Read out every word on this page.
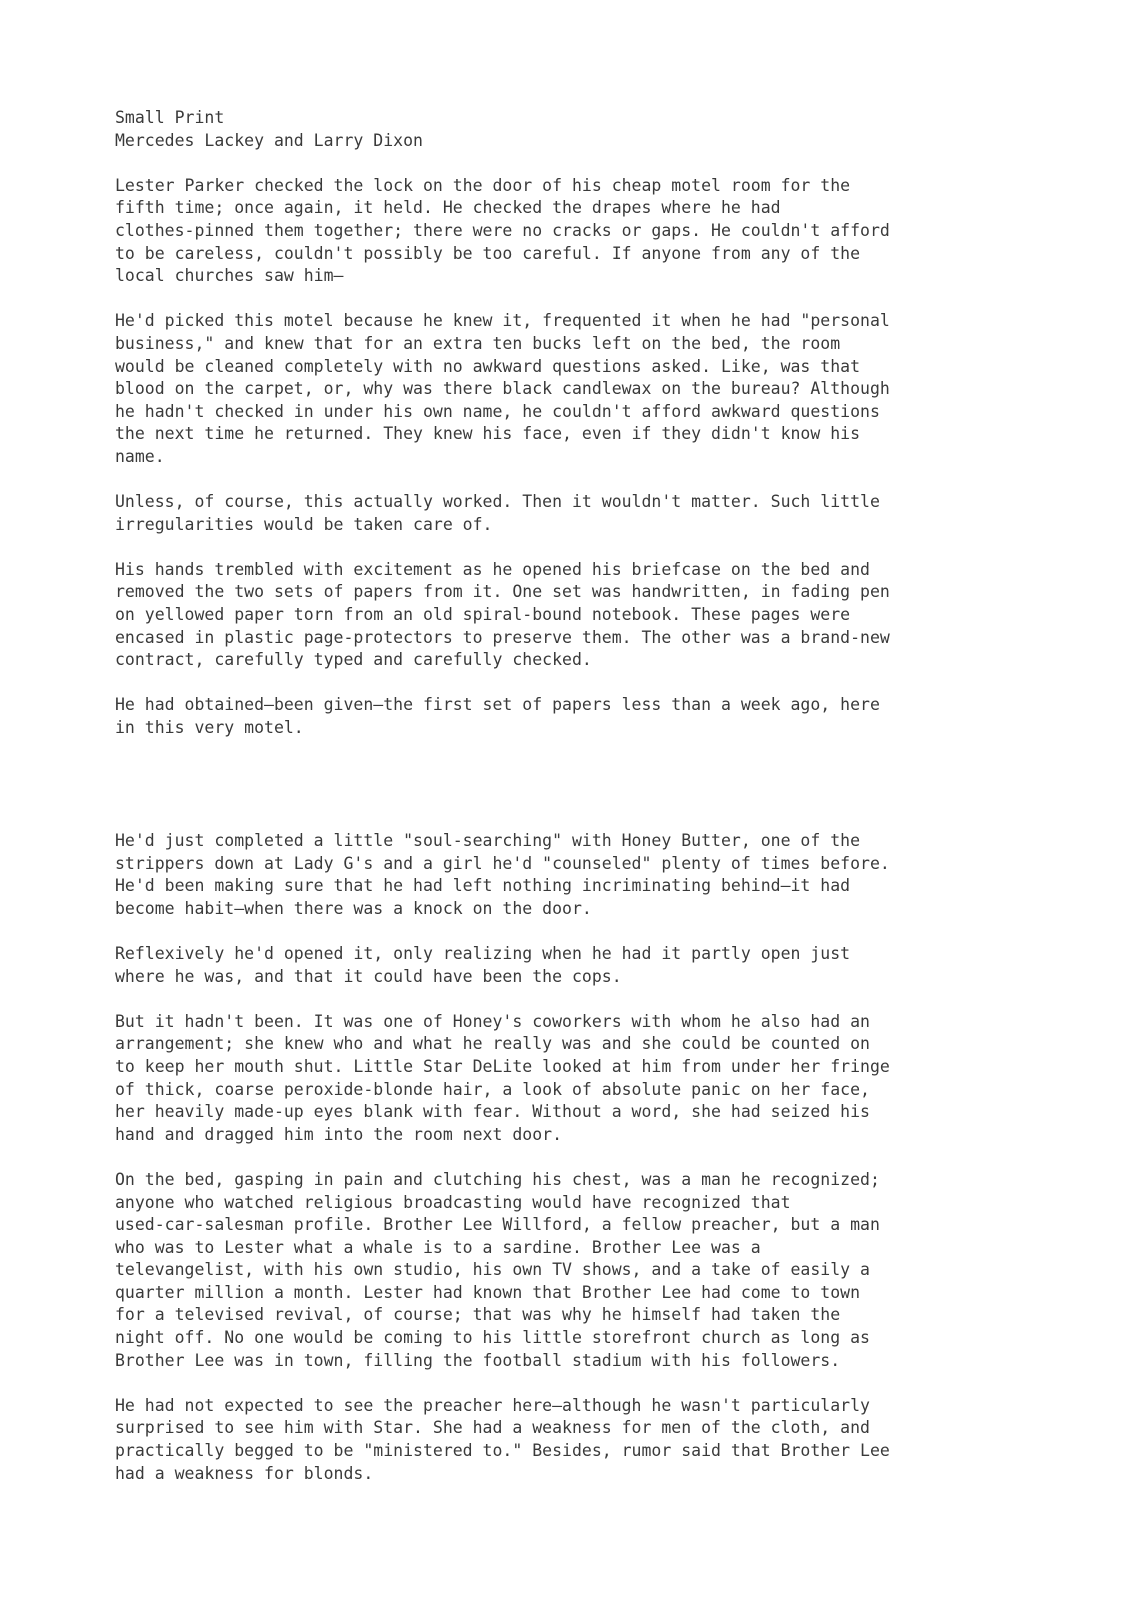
Small Print
Mercedes Lackey and Larry Dixon
Lester Parker checked the lock on the door of his cheap motel room for the
fifth time; once again, it held. He checked the drapes where he had
clothes-pinned them together; there were no cracks or gaps. He couldn't afford
to be careless, couldn't possibly be too careful. If anyone from any of the
local churches saw him—
He'd picked this motel because he knew it, frequented it when he had "personal
business," and knew that for an extra ten bucks left on the bed, the room
would be cleaned completely with no awkward questions asked. Like, was that
blood on the carpet, or, why was there black candlewax on the bureau? Although
he hadn't checked in under his own name, he couldn't afford awkward questions
the next time he returned. They knew his face, even if they didn't know his
name.
Unless, of course, this actually worked. Then it wouldn't matter. Such little
irregularities would be taken care of.
His hands trembled with excitement as he opened his briefcase on the bed and
removed the two sets of papers from it. One set was handwritten, in fading pen
on yellowed paper torn from an old spiral-bound notebook. These pages were
encased in plastic page-protectors to preserve them. The other was a brand-new
contract, carefully typed and carefully checked.
He had obtained—been given—the first set of papers less than a week ago, here
in this very motel.
He'd just completed a little "soul-searching" with Honey Butter, one of the
strippers down at Lady G's and a girl he'd "counseled" plenty of times before.
He'd been making sure that he had left nothing incriminating behind—it had
become habit—when there was a knock on the door.
Reflexively he'd opened it, only realizing when he had it partly open just
where he was, and that it could have been the cops.
But it hadn't been. It was one of Honey's coworkers with whom he also had an
arrangement; she knew who and what he really was and she could be counted on
to keep her mouth shut. Little Star DeLite looked at him from under her fringe
of thick, coarse peroxide-blonde hair, a look of absolute panic on her face,
her heavily made-up eyes blank with fear. Without a word, she had seized his
hand and dragged him into the room next door.
On the bed, gasping in pain and clutching his chest, was a man he recognized;
anyone who watched religious broadcasting would have recognized that
used-car-salesman profile. Brother Lee Willford, a fellow preacher, but a man
who was to Lester what a whale is to a sardine. Brother Lee was a
televangelist, with his own studio, his own TV shows, and a take of easily a
quarter million a month. Lester had known that Brother Lee had come to town
for a televised revival, of course; that was why he himself had taken the
night off. No one would be coming to his little storefront church as long as
Brother Lee was in town, filling the football stadium with his followers.
He had not expected to see the preacher here—although he wasn't particularly
surprised to see him with Star. She had a weakness for men of the cloth, and
practically begged to be "ministered to." Besides, rumor said that Brother Lee
had a weakness for blonds.
